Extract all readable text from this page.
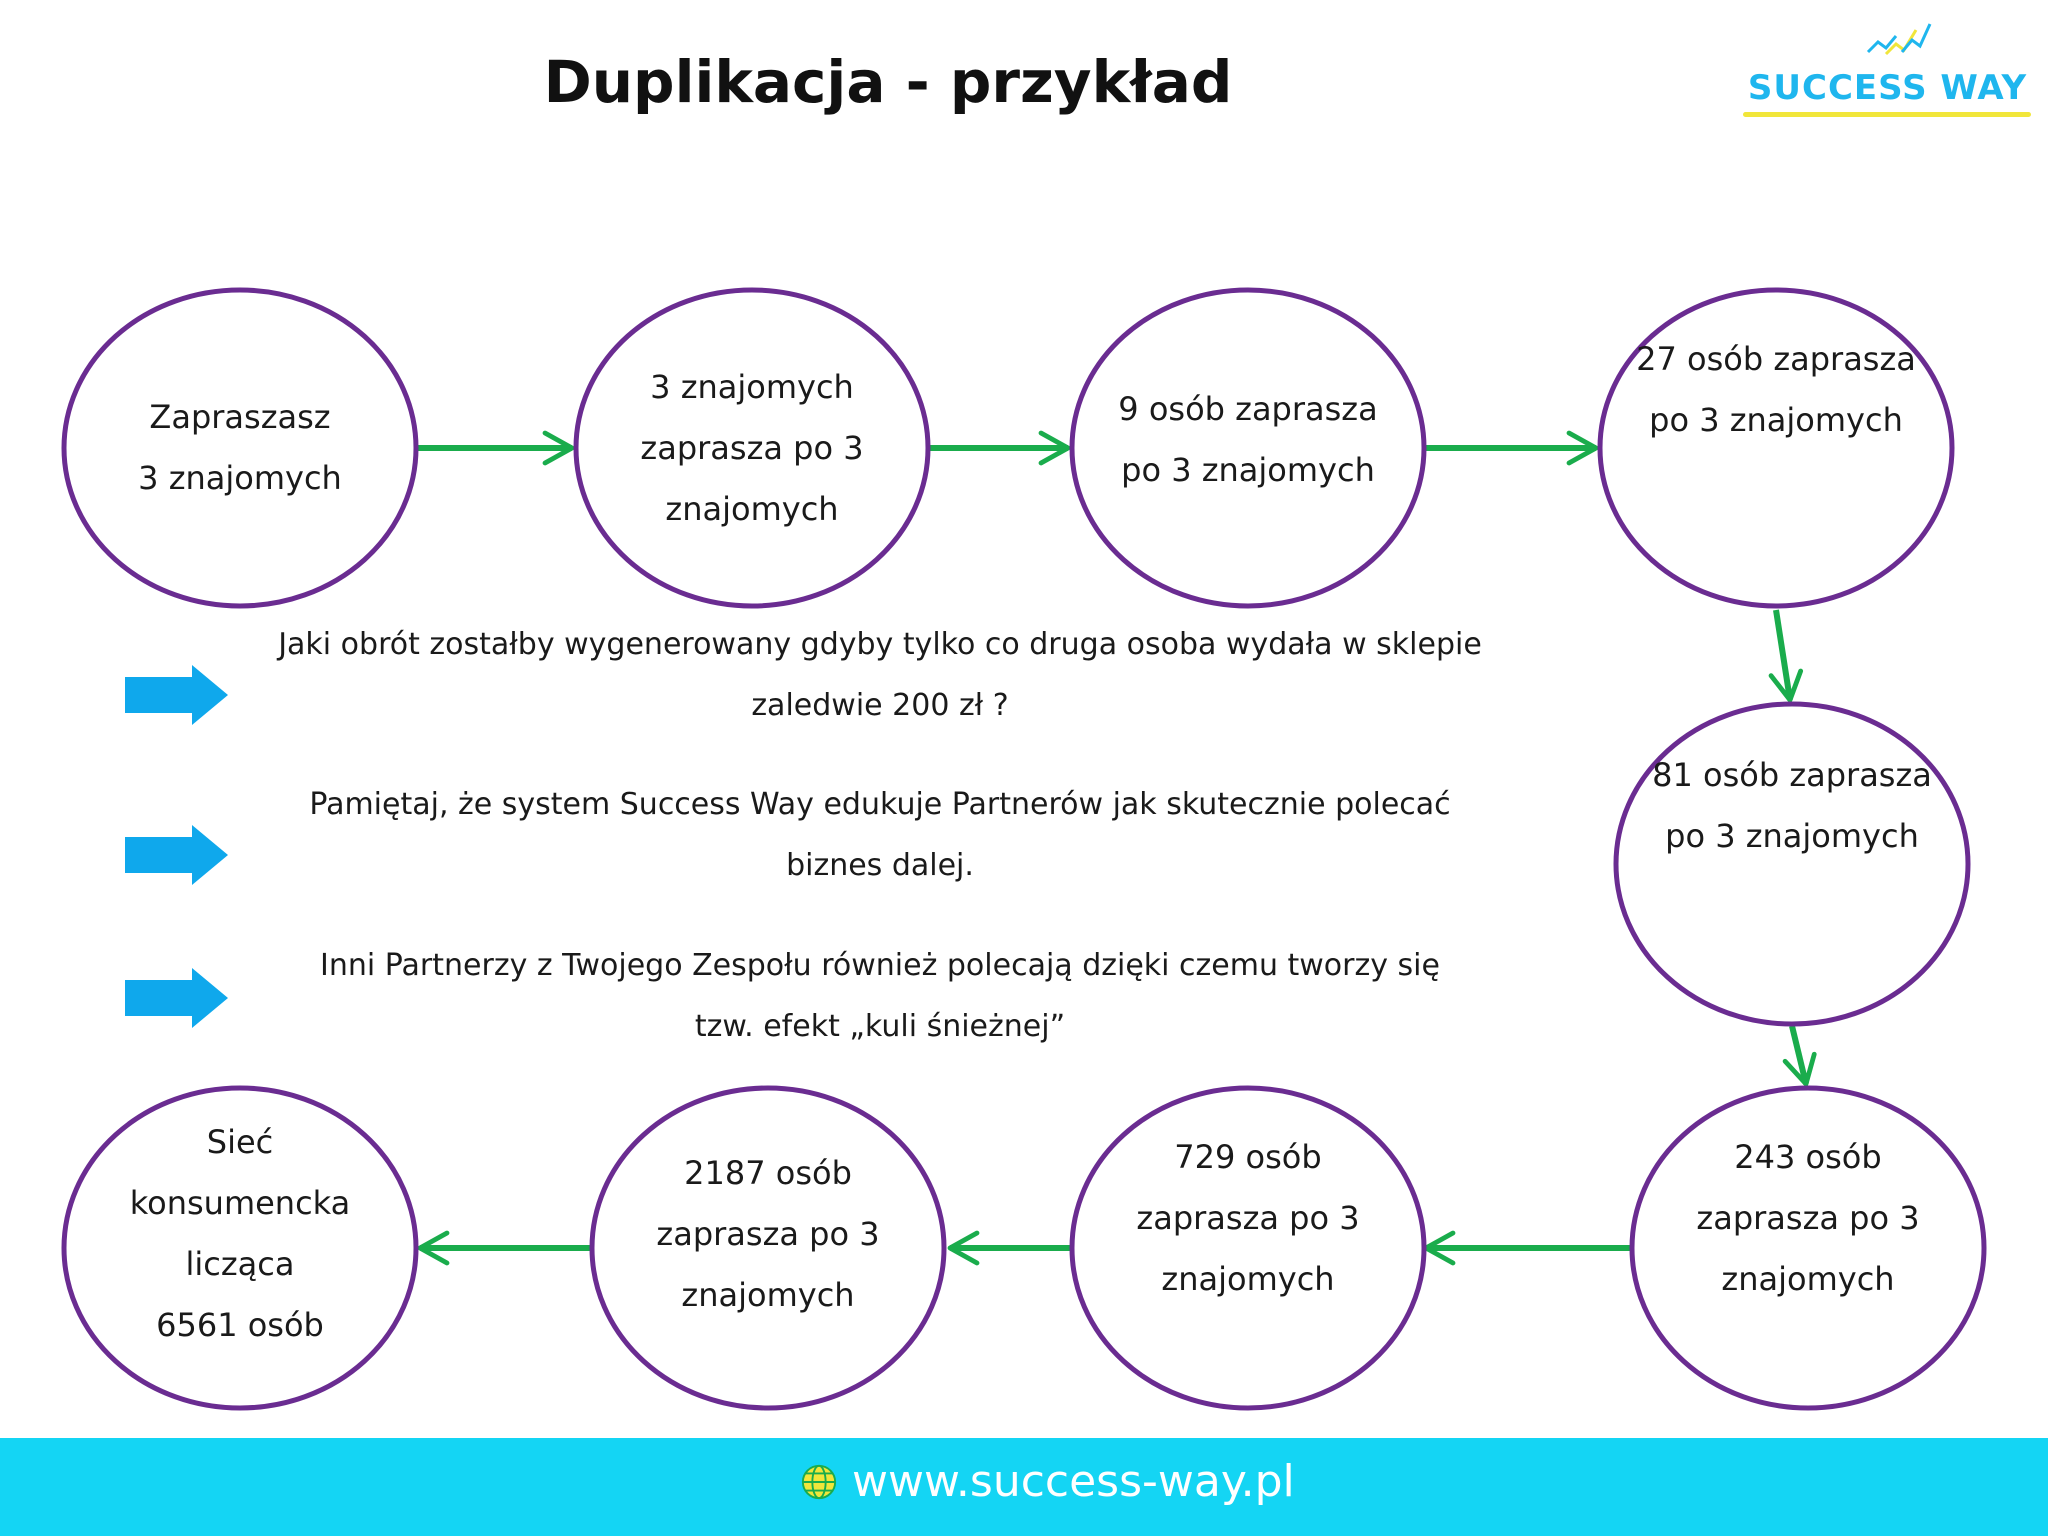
Duplikacja - przykład	SUCCESS WAY
Zapraszasz
3 znajomych
3 znajomych
zaprasza po 3
znajomych
9 osób zaprasza
po 3 znajomych
27 osób zaprasza
po 3 znajomych
81 osób zaprasza
po 3 znajomych
243 osób
zaprasza po 3
znajomych
729 osób
zaprasza po 3
znajomych
2187 osób
zaprasza po 3
znajomych
Sieć
konsumencka
licząca
6561 osób
Jaki obrót zostałby wygenerowany gdyby tylko co druga osoba wydała w sklepie
zaledwie 200 zł ?
Pamiętaj, że system Success Way edukuje Partnerów jak skutecznie polecać
biznes dalej.
Inni Partnerzy z Twojego Zespołu również polecają dzięki czemu tworzy się
tzw. efekt „kuli śnieżnej”
www.success-way.pl
